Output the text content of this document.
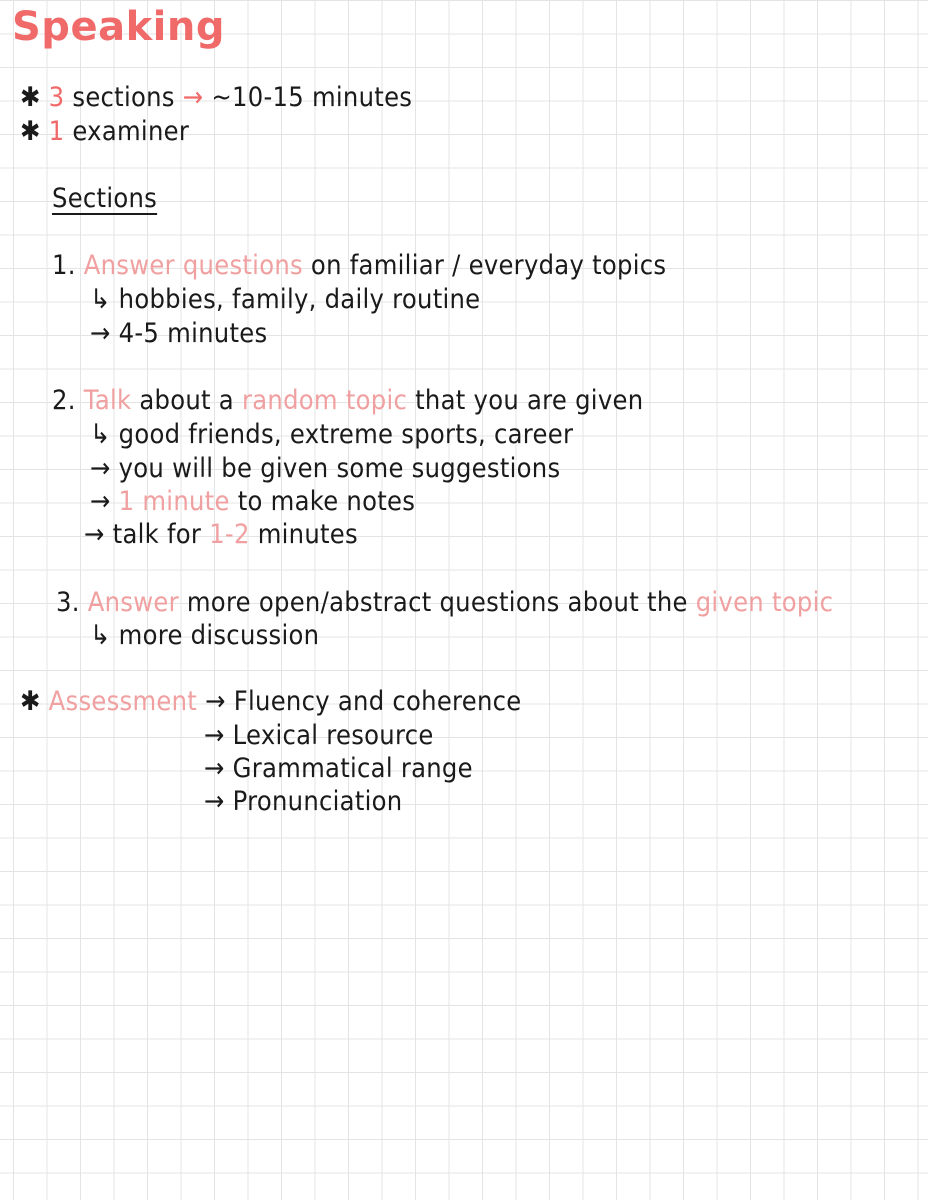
Speaking
✱ 3 sections → ~10-15 minutes
✱ 1 examiner
Sections
1. Answer questions on familiar / everyday topics
↳ hobbies, family, daily routine
→ 4-5 minutes
2. Talk about a random topic that you are given
↳ good friends, extreme sports, career
→ you will be given some suggestions
→ 1 minute to make notes
→ talk for 1-2 minutes
3. Answer more open/abstract questions about the given topic
↳ more discussion
✱ Assessment → Fluency and coherence
→ Lexical resource
→ Grammatical range
→ Pronunciation
